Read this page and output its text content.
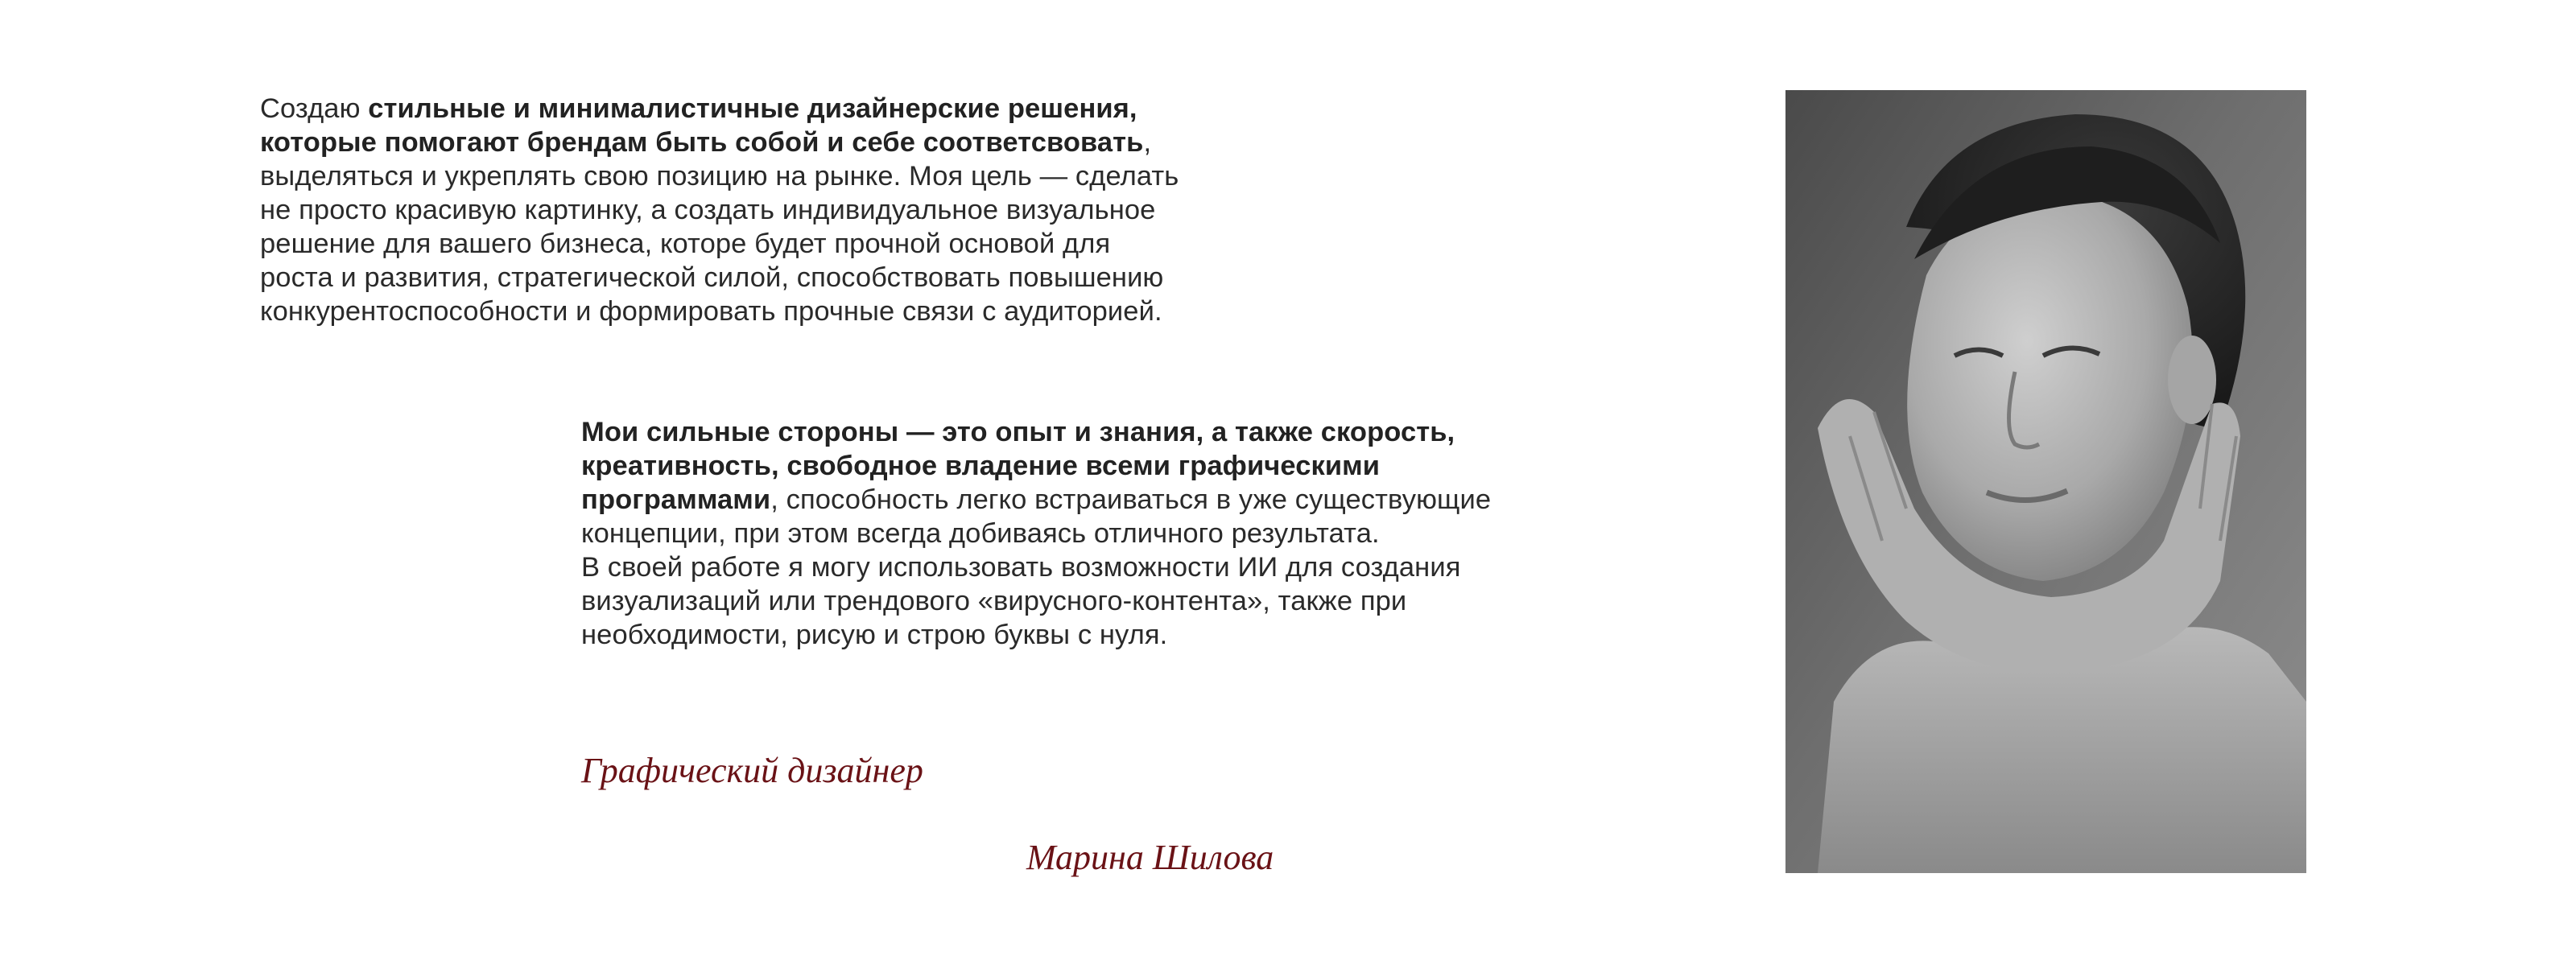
Создаю стильные и минималистичные дизайнерские решения,
которые помогают брендам быть собой и себе соответсвовать,
выделяться и укреплять свою позицию на рынке. Моя цель — сделать
не просто красивую картинку, а создать индивидуальное визуальное
решение для вашего бизнеса, которе будет прочной основой для
роста и развития, стратегической силой, способствовать повышению
конкурентоспособности и формировать прочные связи с аудиторией.

Мои сильные стороны — это опыт и знания, а также скорость,
креативность, свободное владение всеми графическими
программами, способность легко встраиваться в уже существующие
концепции, при этом всегда добиваясь отличного результата.
В своей работе я могу использовать возможности ИИ для создания
визуализаций или трендового «вирусного-контента», также при
необходимости, рисую и строю буквы с нуля.

Графический дизайнер
Марина Шилова
